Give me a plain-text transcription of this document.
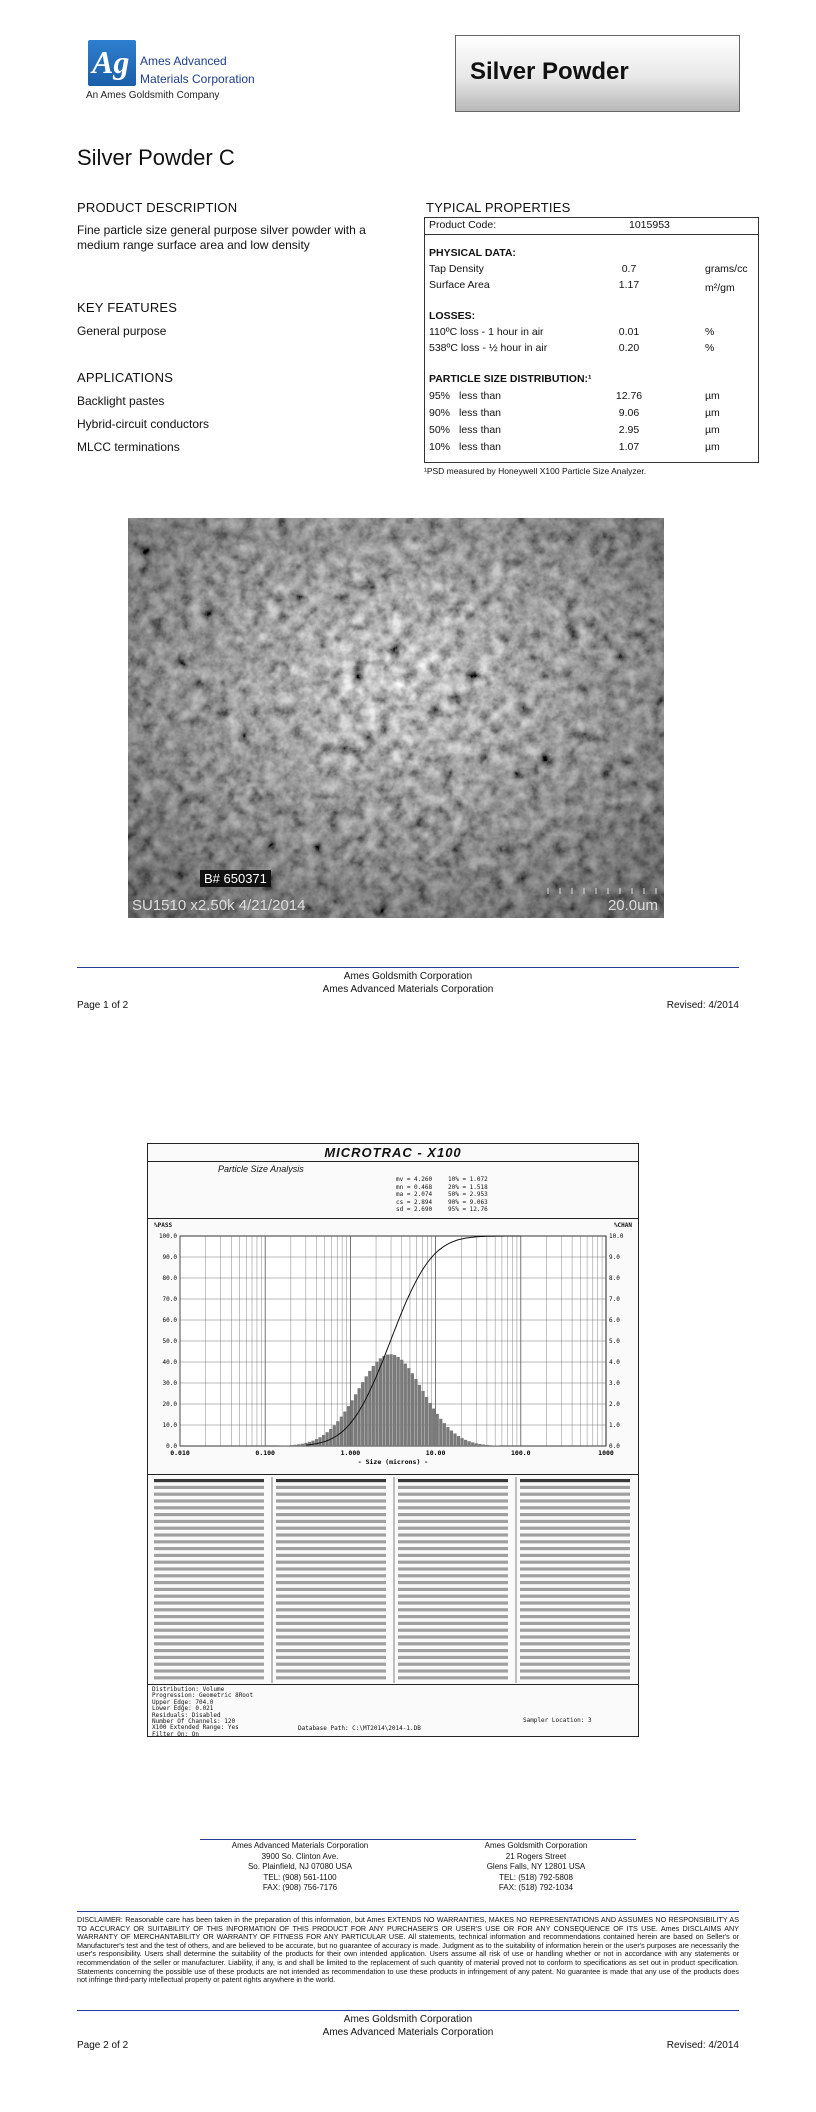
Ag Ames Advanced
Materials Corporation
An Ames Goldsmith Company
Silver Powder
Silver Powder C
PRODUCT DESCRIPTION
Fine particle size general purpose silver powder with a medium range surface area and low density
KEY FEATURES
General purpose
APPLICATIONS
Backlight pastes
Hybrid-circuit conductors
MLCC terminations
TYPICAL PROPERTIES
Product Code:	1015953
PHYSICAL DATA:
Tap Density	0.7	grams/cc
Surface Area	1.17	m²/gm
LOSSES:
110ºC loss - 1 hour in air	0.01	%
538ºC loss - ½ hour in air	0.20	%
PARTICLE SIZE DISTRIBUTION:¹
95% less than	12.76	µm
90% less than	9.06	µm
50% less than	2.95	µm
10% less than	1.07	µm
¹PSD measured by Honeywell X100 Particle Size Analyzer.
B# 650371
SU1510 x2.50k 4/21/2014	20.0um
Ames Goldsmith Corporation
Ames Advanced Materials Corporation
Page 1 of 2	Revised: 4/2014
MICROTRAC - X100
Particle Size Analysis
mv = 4.260
mn = 0.468
ma = 2.074
cs = 2.894
sd = 2.690
10% = 1.072
20% = 1.518
50% = 2.953
90% = 9.063
95% = 12.76
%PASS	%CHAN
100.0	10.0
90.0	9.0
80.0	8.0
70.0	7.0
60.0	6.0
50.0	5.0
40.0	4.0
30.0	3.0
20.0	2.0
10.0	1.0
0.0	0.0
0.010	0.100	1.000	10.00	100.0	1000
- Size (microns) -
Distribution: Volume
Progression: Geometric 8Root
Upper Edge: 704.0
Lower Edge: 0.021
Residuals: Disabled
Number Of Channels: 120
X100 Extended Range: Yes
Filter On: On
Database Path: C:\MT2014\2014-1.DB
Sampler Location: 3
Ames Advanced Materials Corporation
3900 So. Clinton Ave.
So. Plainfield, NJ 07080 USA
TEL: (908) 561-1100
FAX: (908) 756-7176
Ames Goldsmith Corporation
21 Rogers Street
Glens Falls, NY 12801 USA
TEL: (518) 792-5808
FAX: (518) 792-1034
DISCLAIMER: Reasonable care has been taken in the preparation of this information, but Ames EXTENDS NO WARRANTIES, MAKES NO REPRESENTATIONS AND ASSUMES NO RESPONSIBILITY AS TO ACCURACY OR SUITABILITY OF THIS INFORMATION OF THIS PRODUCT FOR ANY PURCHASER'S OR USER'S USE OR FOR ANY CONSEQUENCE OF ITS USE. Ames DISCLAIMS ANY WARRANTY OF MERCHANTABILITY OR WARRANTY OF FITNESS FOR ANY PARTICULAR USE. All statements, technical information and recommendations contained herein are based on Seller's or Manufacturer's test and the test of others, and are believed to be accurate, but no guarantee of accuracy is made. Judgment as to the suitability of information herein or the user's purposes are necessarily the user's responsibility. Users shall determine the suitability of the products for their own intended application. Users assume all risk of use or handling whether or not in accordance with any statements or recommendation of the seller or manufacturer. Liability, if any, is and shall be limited to the replacement of such quantity of material proved not to conform to specifications as set out in product specification. Statements concerning the possible use of these products are not intended as recommendation to use these products in infringement of any patent. No guarantee is made that any use of the products does not infringe third-party intellectual property or patent rights anywhere in the world.
Ames Goldsmith Corporation
Ames Advanced Materials Corporation
Page 2 of 2	Revised: 4/2014
